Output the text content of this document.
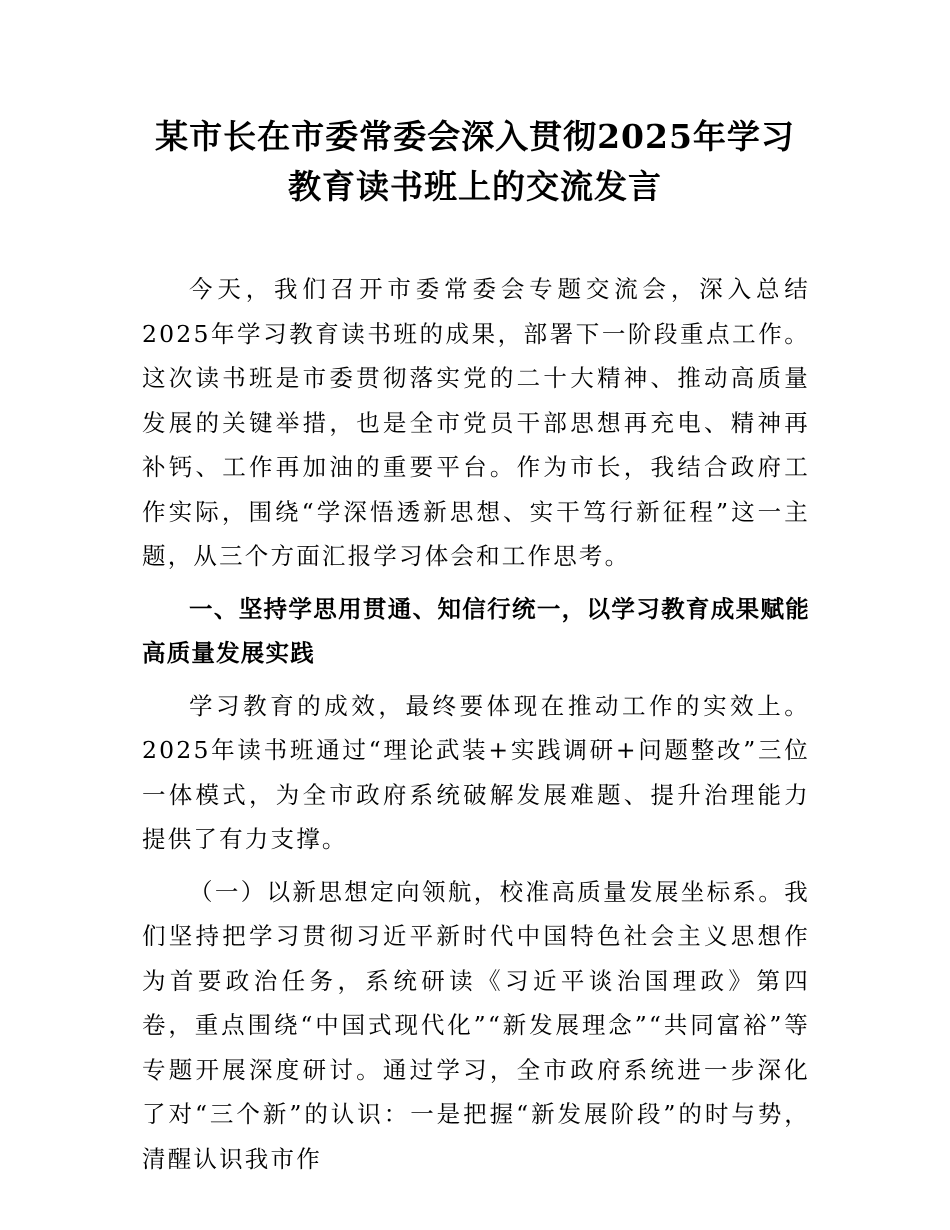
某市长在市委常委会深入贯彻2025年学习教育读书班上的交流发言

今天，我们召开市委常委会专题交流会，深入总结2025年学习教育读书班的成果，部署下一阶段重点工作。这次读书班是市委贯彻落实党的二十大精神、推动高质量发展的关键举措，也是全市党员干部思想再充电、精神再补钙、工作再加油的重要平台。作为市长，我结合政府工作实际，围绕“学深悟透新思想、实干笃行新征程”这一主题，从三个方面汇报学习体会和工作思考。

一、坚持学思用贯通、知信行统一，以学习教育成果赋能高质量发展实践

学习教育的成效，最终要体现在推动工作的实效上。2025年读书班通过“理论武装+实践调研+问题整改”三位一体模式，为全市政府系统破解发展难题、提升治理能力提供了有力支撑。

（一）以新思想定向领航，校准高质量发展坐标系。我们坚持把学习贯彻习近平新时代中国特色社会主义思想作为首要政治任务，系统研读《习近平谈治国理政》第四卷，重点围绕“中国式现代化”“新发展理念”“共同富裕”等专题开展深度研讨。通过学习，全市政府系统进一步深化了对“三个新”的认识：一是把握“新发展阶段”的时与势，清醒认识我市作
